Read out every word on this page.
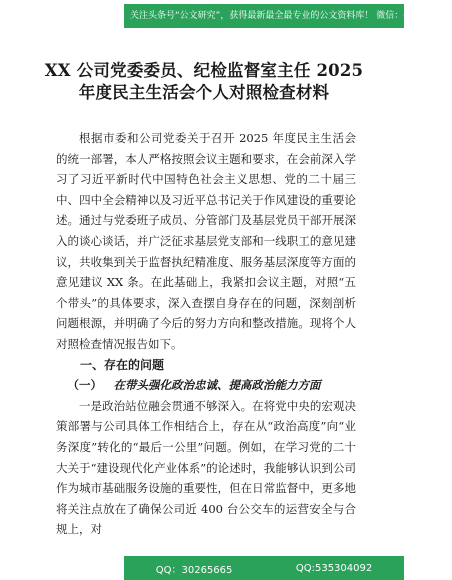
关注头条号“公文研究”，获得最新最全最专业的公文资料库！ 微信：gongwenyj
XX 公司党委委员、纪检监督室主任 2025
年度民主生活会个人对照检查材料

根据市委和公司党委关于召开 2025 年度民主生活会的统一部署，本人严格按照会议主题和要求，在会前深入学习了习近平新时代中国特色社会主义思想、党的二十届三中、四中全会精神以及习近平总书记关于作风建设的重要论述。通过与党委班子成员、分管部门及基层党员干部开展深入的谈心谈话，并广泛征求基层党支部和一线职工的意见建议，共收集到关于监督执纪精准度、服务基层深度等方面的意见建议 XX 条。在此基础上，我紧扣会议主题，对照“五个带头”的具体要求，深入查摆自身存在的问题，深刻剖析问题根源，并明确了今后的努力方向和整改措施。现将个人对照检查情况报告如下。

一、存在的问题

（一）	在带头强化政治忠诚、提高政治能力方面

一是政治站位融会贯通不够深入。在将党中央的宏观决策部署与公司具体工作相结合上，存在从“政治高度”向“业务深度”转化的“最后一公里”问题。例如，在学习党的二十大关于“建设现代化产业体系”的论述时，我能够认识到公司作为城市基础服务设施的重要性，但在日常监督中，更多地将关注点放在了确保公司近 400 台公交车的运营安全与合规上，对

QQ：30265665	QQ:535304092
